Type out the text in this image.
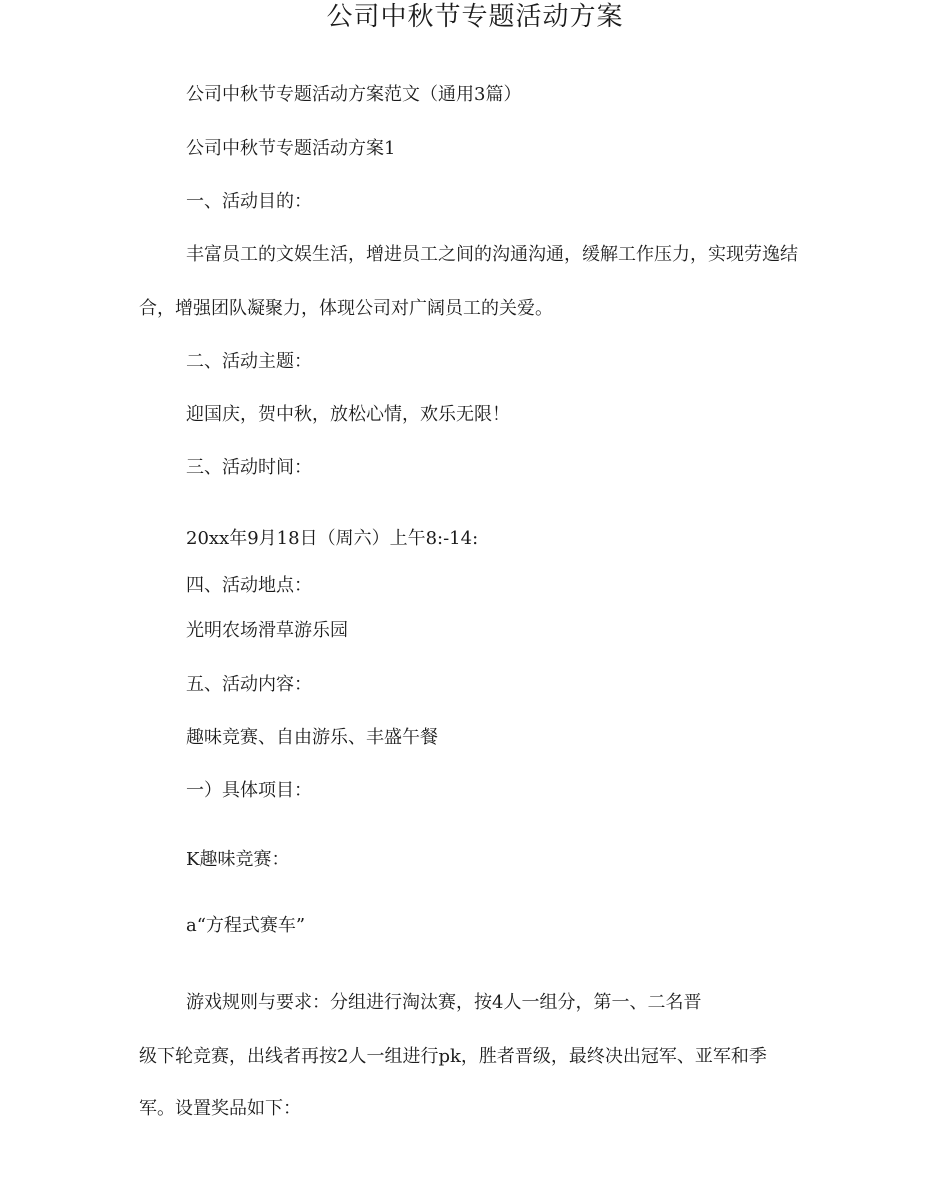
公司中秋节专题活动方案
公司中秋节专题活动方案范文（通用3篇）
公司中秋节专题活动方案1
一、活动目的：
丰富员工的文娱生活，增进员工之间的沟通沟通，缓解工作压力，实现劳逸结
合，增强团队凝聚力，体现公司对广阔员工的关爱。
二、活动主题：
迎国庆，贺中秋，放松心情，欢乐无限！
三、活动时间：
20xx年9月18日（周六）上午8:-14:
四、活动地点：
光明农场滑草游乐园
五、活动内容：
趣味竞赛、自由游乐、丰盛午餐
一）具体项目：
K趣味竞赛：
a“方程式赛车”
游戏规则与要求：分组进行淘汰赛，按4人一组分，第一、二名晋
级下轮竞赛，出线者再按2人一组进行pk，胜者晋级，最终决出冠军、亚军和季
军。设置奖品如下：
